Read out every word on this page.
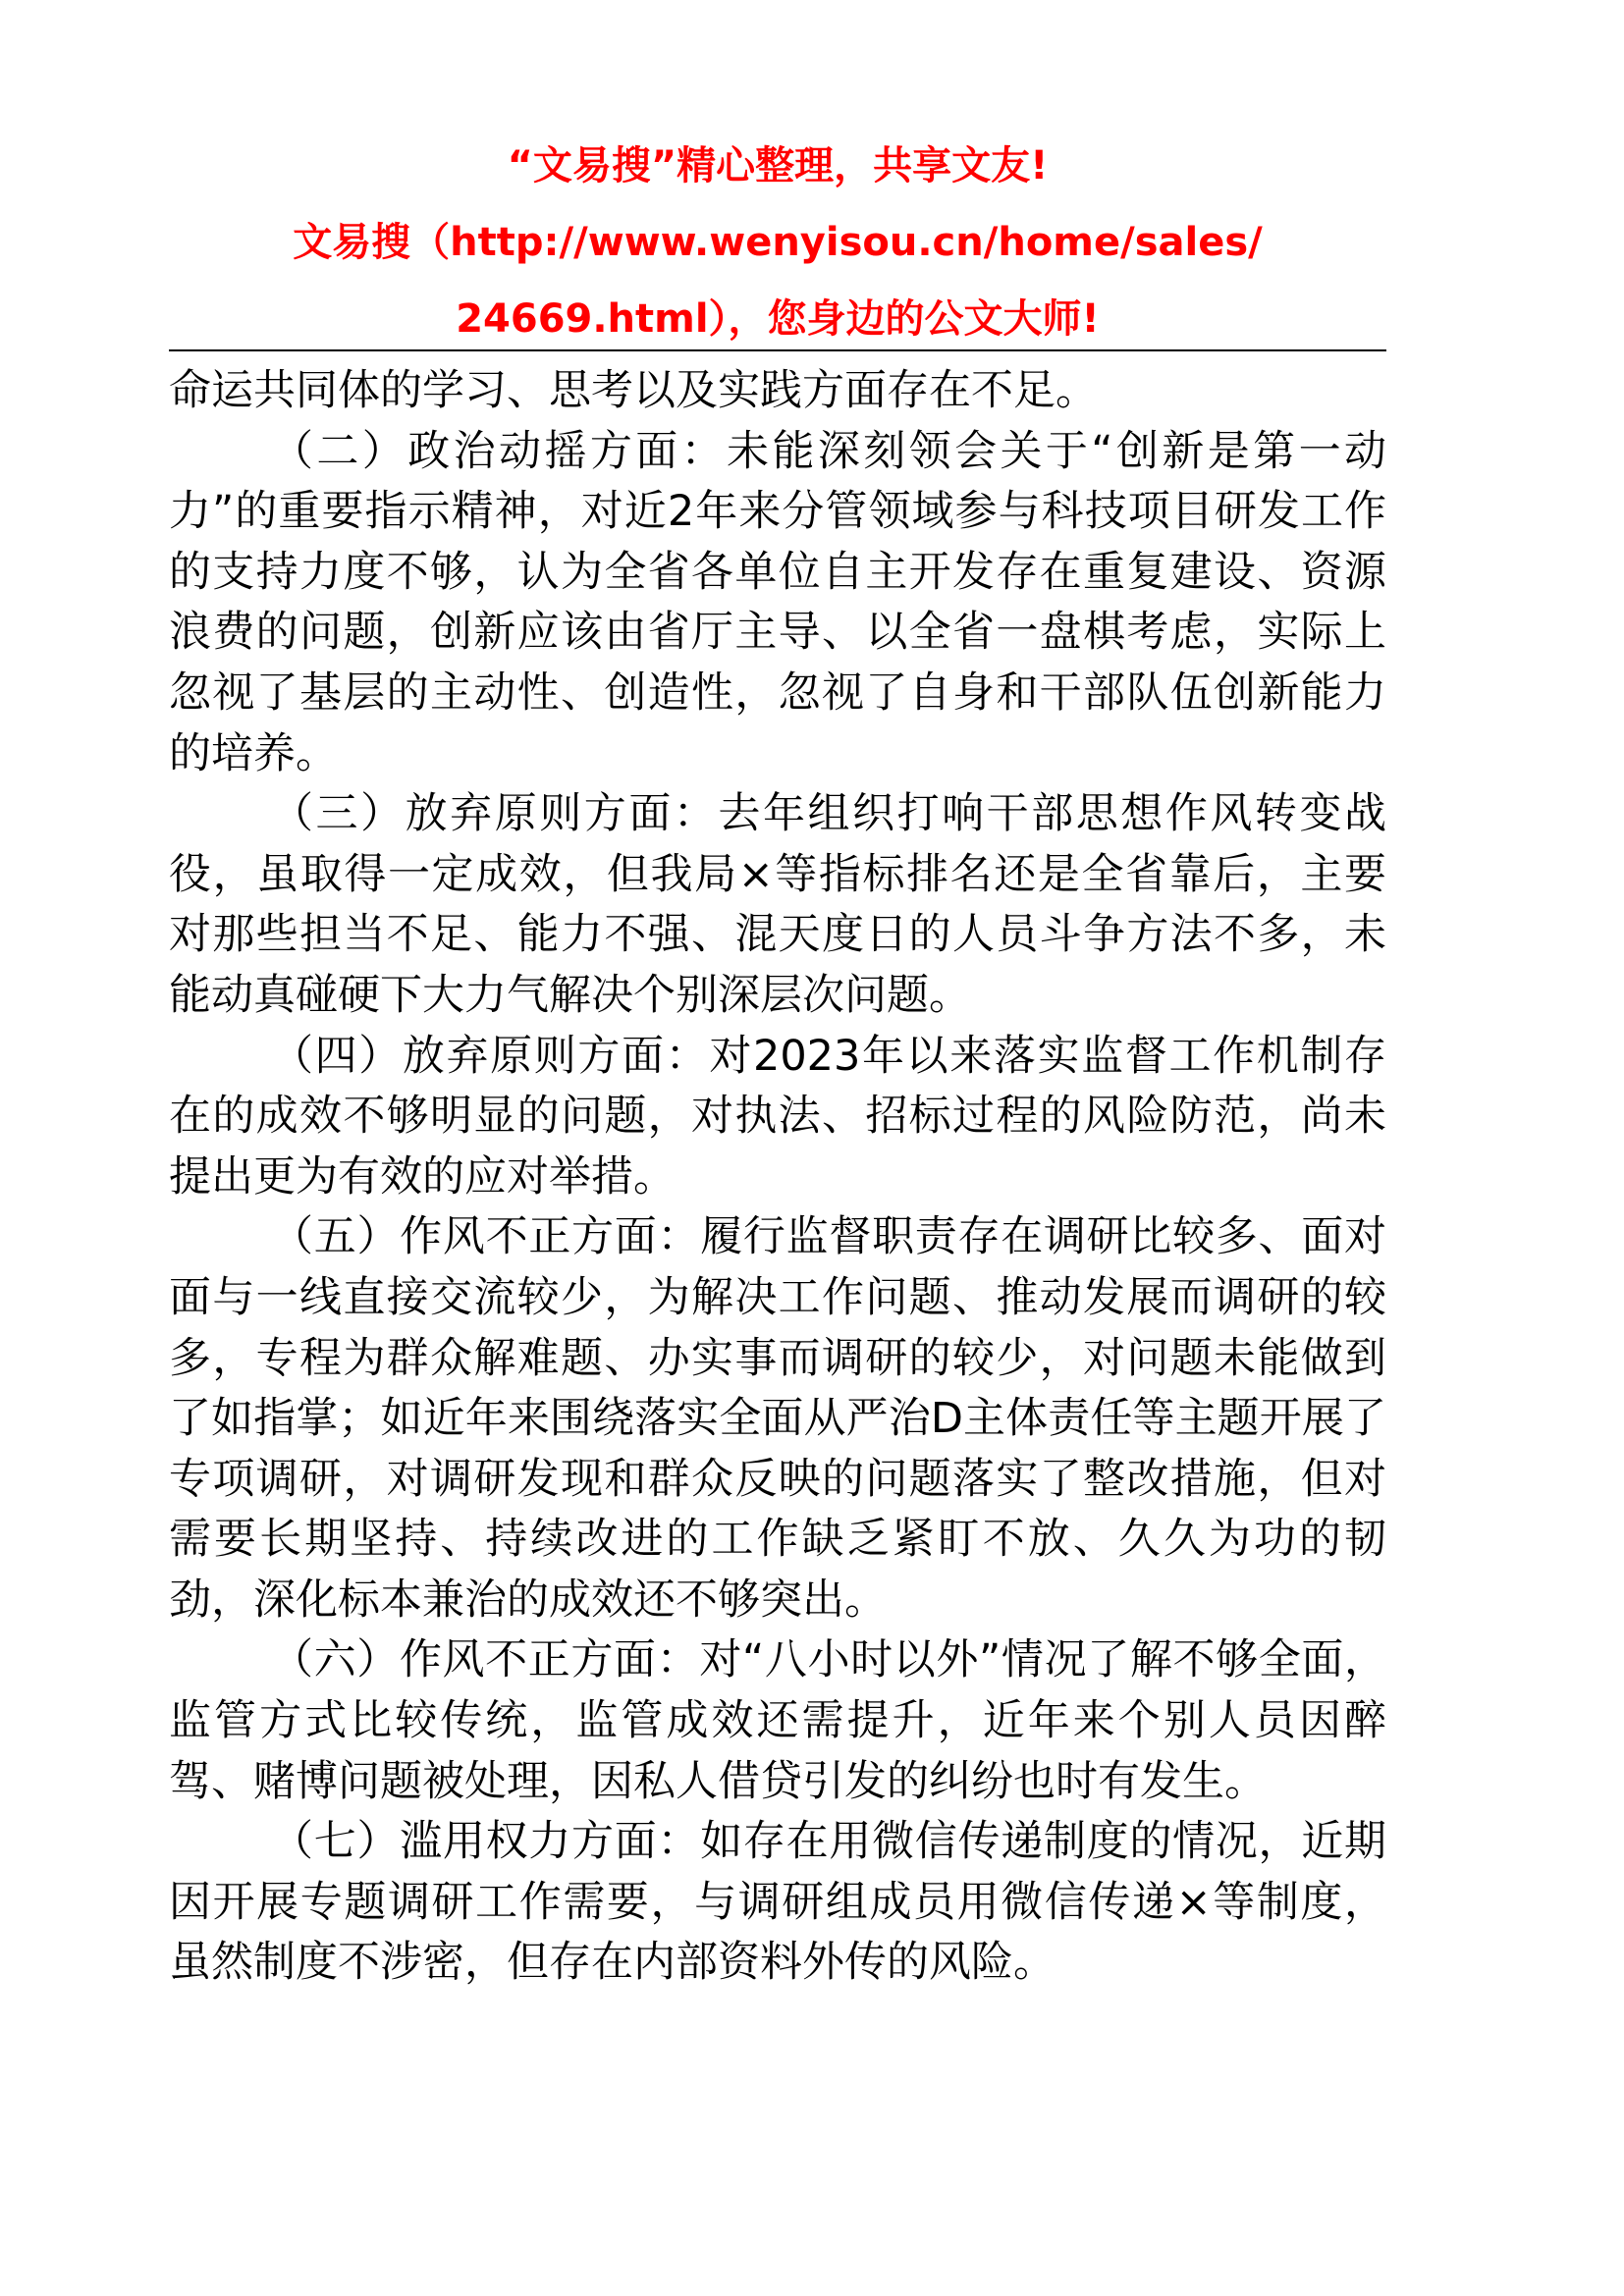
“文易搜”精心整理，共享文友!
文易搜（http://www.wenyisou.cn/home/sales/
24669.html），您身边的公文大师!

命运共同体的学习、思考以及实践方面存在不足。

（二）政治动摇方面：未能深刻领会关于“创新是第一动力”的重要指示精神，对近2年来分管领域参与科技项目研发工作的支持力度不够，认为全省各单位自主开发存在重复建设、资源浪费的问题，创新应该由省厅主导、以全省一盘棋考虑，实际上忽视了基层的主动性、创造性，忽视了自身和干部队伍创新能力的培养。

（三）放弃原则方面：去年组织打响干部思想作风转变战役，虽取得一定成效，但我局×等指标排名还是全省靠后，主要对那些担当不足、能力不强、混天度日的人员斗争方法不多，未能动真碰硬下大力气解决个别深层次问题。

（四）放弃原则方面：对2023年以来落实监督工作机制存在的成效不够明显的问题，对执法、招标过程的风险防范，尚未提出更为有效的应对举措。

（五）作风不正方面：履行监督职责存在调研比较多、面对面与一线直接交流较少，为解决工作问题、推动发展而调研的较多，专程为群众解难题、办实事而调研的较少，对问题未能做到了如指掌；如近年来围绕落实全面从严治D主体责任等主题开展了专项调研，对调研发现和群众反映的问题落实了整改措施，但对需要长期坚持、持续改进的工作缺乏紧盯不放、久久为功的韧劲，深化标本兼治的成效还不够突出。

（六）作风不正方面：对“八小时以外”情况了解不够全面，监管方式比较传统，监管成效还需提升，近年来个别人员因醉驾、赌博问题被处理，因私人借贷引发的纠纷也时有发生。

（七）滥用权力方面：如存在用微信传递制度的情况，近期因开展专题调研工作需要，与调研组成员用微信传递×等制度，虽然制度不涉密，但存在内部资料外传的风险。
